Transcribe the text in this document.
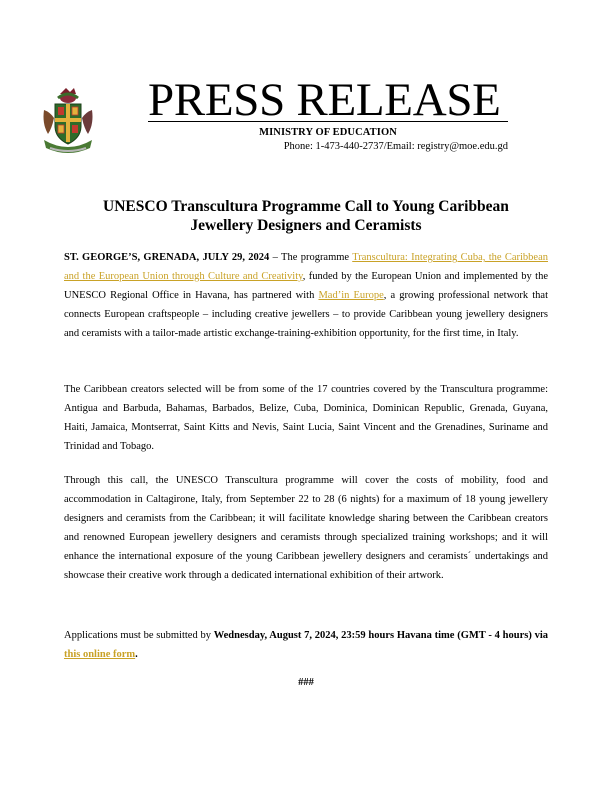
PRESS RELEASE
MINISTRY OF EDUCATION
Phone: 1-473-440-2737/Email: registry@moe.edu.gd
UNESCO Transcultura Programme Call to Young Caribbean
Jewellery Designers and Ceramists
ST. GEORGE’S, GRENADA, JULY 29, 2024 – The programme Transcultura: Integrating Cuba, the Caribbean and the European Union through Culture and Creativity, funded by the European Union and implemented by the UNESCO Regional Office in Havana, has partnered with Mad’in Europe, a growing professional network that connects European craftspeople – including creative jewellers – to provide Caribbean young jewellery designers and ceramists with a tailor-made artistic exchange-training-exhibition opportunity, for the first time, in Italy.
The Caribbean creators selected will be from some of the 17 countries covered by the Transcultura programme: Antigua and Barbuda, Bahamas, Barbados, Belize, Cuba, Dominica, Dominican Republic, Grenada, Guyana, Haiti, Jamaica, Montserrat, Saint Kitts and Nevis, Saint Lucia, Saint Vincent and the Grenadines, Suriname and Trinidad and Tobago.
Through this call, the UNESCO Transcultura programme will cover the costs of mobility, food and accommodation in Caltagirone, Italy, from September 22 to 28 (6 nights) for a maximum of 18 young jewellery designers and ceramists from the Caribbean; it will facilitate knowledge sharing between the Caribbean creators and renowned European jewellery designers and ceramists through specialized training workshops; and it will enhance the international exposure of the young Caribbean jewellery designers and ceramists´ undertakings and showcase their creative work through a dedicated international exhibition of their artwork.
Applications must be submitted by Wednesday, August 7, 2024, 23:59 hours Havana time (GMT - 4 hours) via this online form.
###
